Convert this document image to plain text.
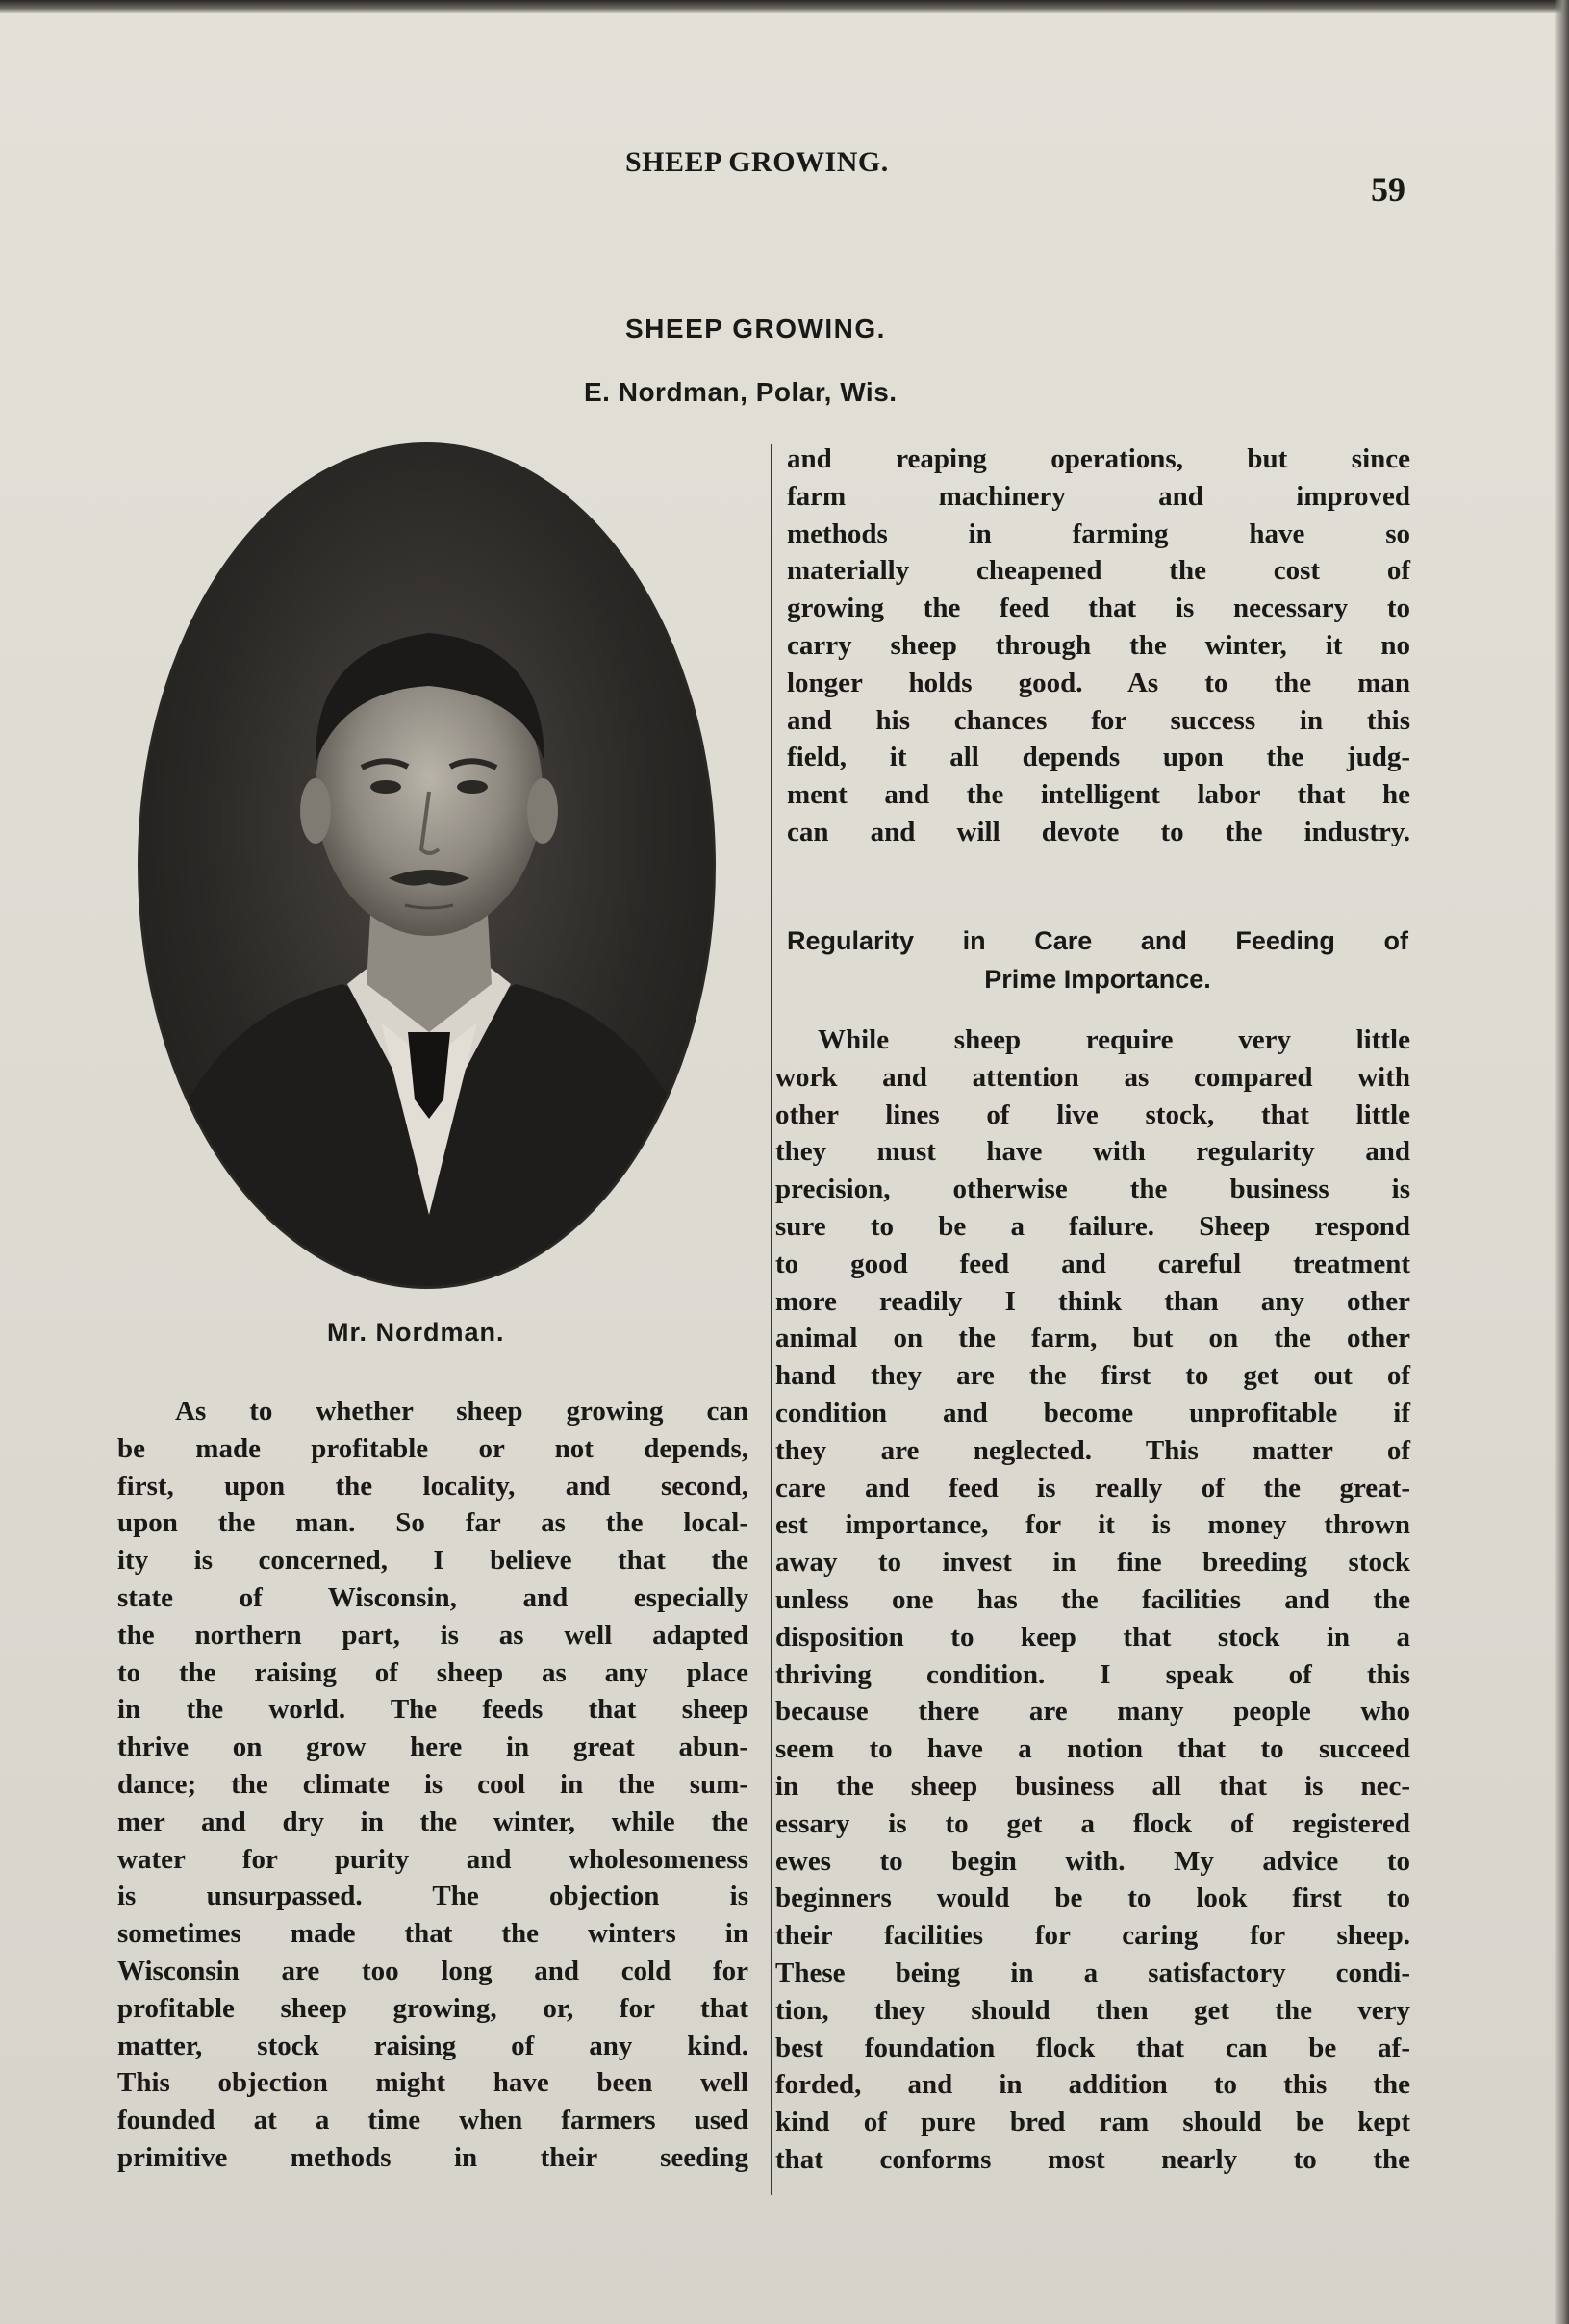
SHEEP GROWING.
59
SHEEP GROWING.
E. Nordman, Polar, Wis.
Mr. Nordman.
As to whether sheep growing can
be made profitable or not depends,
first, upon the locality, and second,
upon the man. So far as the local-
ity is concerned, I believe that the
state of Wisconsin, and especially
the northern part, is as well adapted
to the raising of sheep as any place
in the world. The feeds that sheep
thrive on grow here in great abun-
dance; the climate is cool in the sum-
mer and dry in the winter, while the
water for purity and wholesomeness
is unsurpassed. The objection is
sometimes made that the winters in
Wisconsin are too long and cold for
profitable sheep growing, or, for that
matter, stock raising of any kind.
This objection might have been well
founded at a time when farmers used
primitive methods in their seeding
and reaping operations, but since
farm machinery and improved
methods in farming have so
materially cheapened the cost of
growing the feed that is necessary to
carry sheep through the winter, it no
longer holds good. As to the man
and his chances for success in this
field, it all depends upon the judg-
ment and the intelligent labor that he
can and will devote to the industry.
Regularity in Care and Feeding of
Prime Importance.
While sheep require very little
work and attention as compared with
other lines of live stock, that little
they must have with regularity and
precision, otherwise the business is
sure to be a failure. Sheep respond
to good feed and careful treatment
more readily I think than any other
animal on the farm, but on the other
hand they are the first to get out of
condition and become unprofitable if
they are neglected. This matter of
care and feed is really of the great-
est importance, for it is money thrown
away to invest in fine breeding stock
unless one has the facilities and the
disposition to keep that stock in a
thriving condition. I speak of this
because there are many people who
seem to have a notion that to succeed
in the sheep business all that is nec-
essary is to get a flock of registered
ewes to begin with. My advice to
beginners would be to look first to
their facilities for caring for sheep.
These being in a satisfactory condi-
tion, they should then get the very
best foundation flock that can be af-
forded, and in addition to this the
kind of pure bred ram should be kept
that conforms most nearly to the
